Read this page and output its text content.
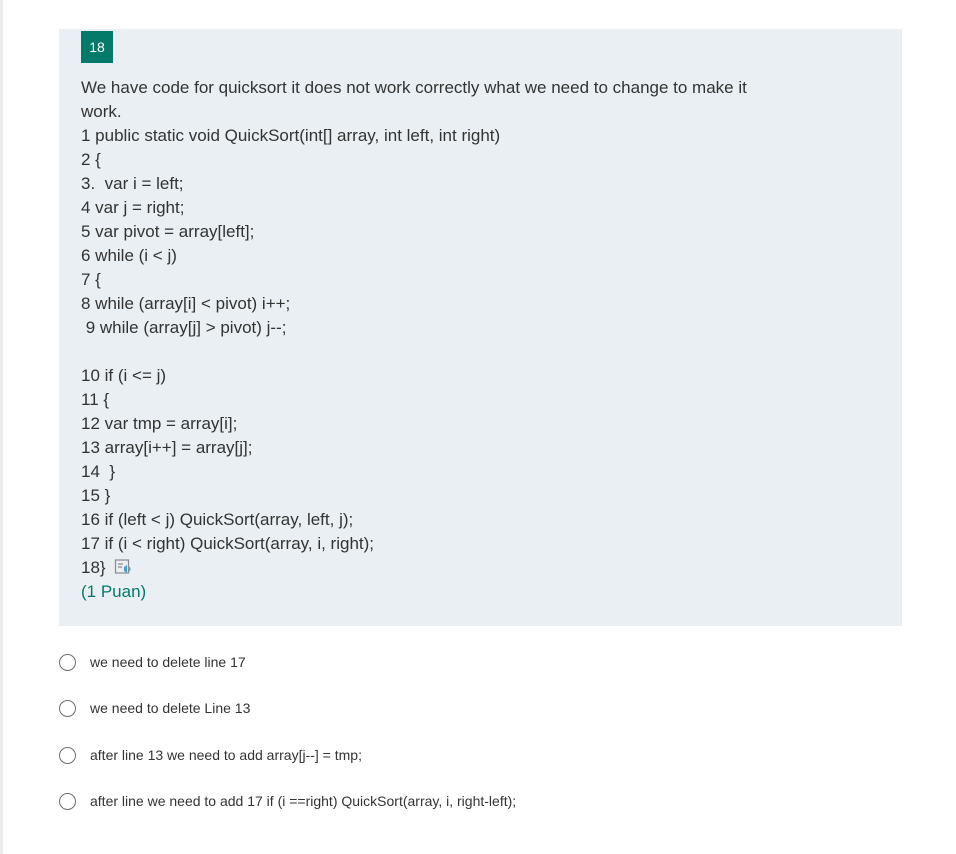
18
We have code for quicksort it does not work correctly what we need to change to make it
work.
1 public static void QuickSort(int[] array, int left, int right)
2 {
3.  var i = left;
4 var j = right;
5 var pivot = array[left];
6 while (i < j)
7 {
8 while (array[i] < pivot) i++;
9 while (array[j] > pivot) j--;
10 if (i <= j)
11 {
12 var tmp = array[i];
13 array[i++] = array[j];
14  }
15 }
16 if (left < j) QuickSort(array, left, j);
17 if (i < right) QuickSort(array, i, right);
18}
(1 Puan)
we need to delete line 17
we need to delete Line 13
after line 13 we need to add array[j--] = tmp;
after line we need to add 17 if (i ==right) QuickSort(array, i, right-left);
